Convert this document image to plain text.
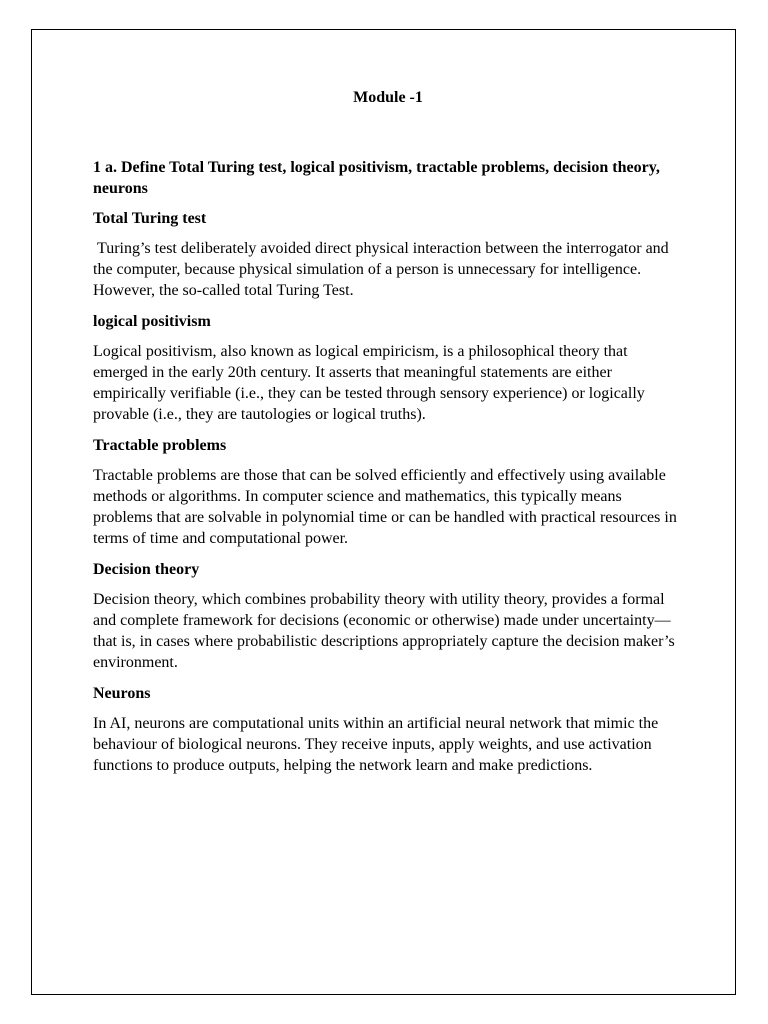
Module -1
1 a. Define Total Turing test, logical positivism, tractable problems, decision theory, neurons
Total Turing test
Turing’s test deliberately avoided direct physical interaction between the interrogator and the computer, because physical simulation of a person is unnecessary for intelligence. However, the so-called total Turing Test.
logical positivism
Logical positivism, also known as logical empiricism, is a philosophical theory that emerged in the early 20th century. It asserts that meaningful statements are either empirically verifiable (i.e., they can be tested through sensory experience) or logically provable (i.e., they are tautologies or logical truths).
Tractable problems
Tractable problems are those that can be solved efficiently and effectively using available methods or algorithms. In computer science and mathematics, this typically means problems that are solvable in polynomial time or can be handled with practical resources in terms of time and computational power.
Decision theory
Decision theory, which combines probability theory with utility theory, provides a formal and complete framework for decisions (economic or otherwise) made under uncertainty— that is, in cases where probabilistic descriptions appropriately capture the decision maker’s environment.
Neurons
In AI, neurons are computational units within an artificial neural network that mimic the behaviour of biological neurons. They receive inputs, apply weights, and use activation functions to produce outputs, helping the network learn and make predictions.
